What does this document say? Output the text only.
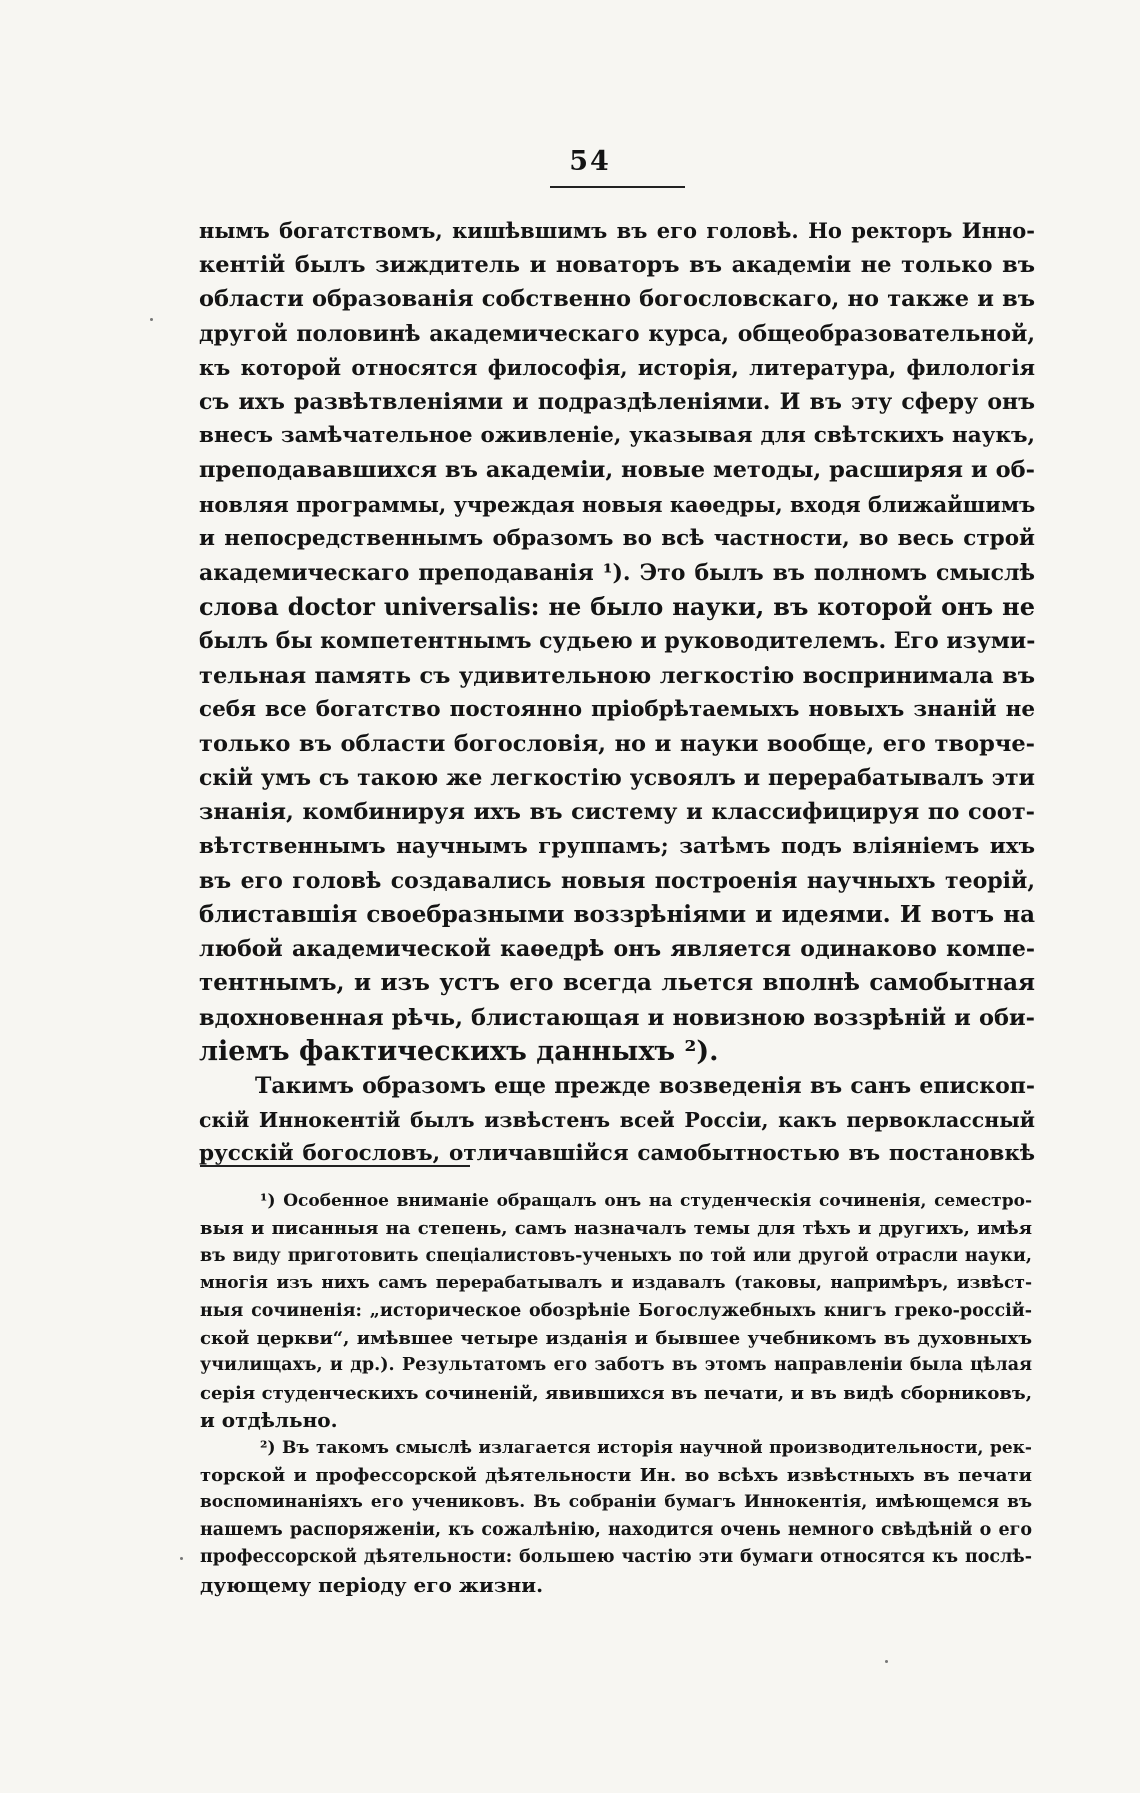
54
нымъ богатствомъ, кишѣвшимъ въ его головѣ. Но ректоръ Инно-
кентій былъ зиждитель и новаторъ въ академіи не только въ
области образованія собственно богословскаго, но также и въ
другой половинѣ академическаго курса, общеобразовательной,
къ которой относятся философія, исторія, литература, филологія
съ ихъ развѣтвленіями и подраздѣленіями. И въ эту сферу онъ
внесъ замѣчательное оживленіе, указывая для свѣтскихъ наукъ,
преподававшихся въ академіи, новые методы, расширяя и об-
новляя программы, учреждая новыя каѳедры, входя ближайшимъ
и непосредственнымъ образомъ во всѣ частности, во весь строй
академическаго преподаванія ¹). Это былъ въ полномъ смыслѣ
слова doctor universalis: не было науки, въ которой онъ не
былъ бы компетентнымъ судьею и руководителемъ. Его изуми-
тельная память съ удивительною легкостію воспринимала въ
себя все богатство постоянно пріобрѣтаемыхъ новыхъ знаній не
только въ области богословія, но и науки вообще, его творче-
скій умъ съ такою же легкостію усвоялъ и перерабатывалъ эти
знанія, комбинируя ихъ въ систему и классифицируя по соот-
вѣтственнымъ научнымъ группамъ; затѣмъ подъ вліяніемъ ихъ
въ его головѣ создавались новыя построенія научныхъ теорій,
блиставшія своебразными воззрѣніями и идеями. И вотъ на
любой академической каѳедрѣ онъ является одинаково компе-
тентнымъ, и изъ устъ его всегда льется вполнѣ самобытная
вдохновенная рѣчь, блистающая и новизною воззрѣній и оби-
ліемъ фактическихъ данныхъ ²).
Такимъ образомъ еще прежде возведенія въ санъ епископ-
скій Иннокентій былъ извѣстенъ всей Россіи, какъ первоклассный
русскій богословъ, отличавшійся самобытностью въ постановкѣ
¹) Особенное вниманіе обращалъ онъ на студенческія сочиненія, семестро-
выя и писанныя на степень, самъ назначалъ темы для тѣхъ и другихъ, имѣя
въ виду приготовить спеціалистовъ-ученыхъ по той или другой отрасли науки,
многія изъ нихъ самъ перерабатывалъ и издавалъ (таковы, напримѣръ, извѣст-
ныя сочиненія: „историческое обозрѣніе Богослужебныхъ книгъ греко-россій-
ской церкви“, имѣвшее четыре изданія и бывшее учебникомъ въ духовныхъ
училищахъ, и др.). Результатомъ его заботъ въ этомъ направленіи была цѣлая
серія студенческихъ сочиненій, явившихся въ печати, и въ видѣ сборниковъ,
и отдѣльно.
²) Въ такомъ смыслѣ излагается исторія научной производительности, рек-
торской и профессорской дѣятельности Ин. во всѣхъ извѣстныхъ въ печати
воспоминаніяхъ его учениковъ. Въ собраніи бумагъ Иннокентія, имѣющемся въ
нашемъ распоряженіи, къ сожалѣнію, находится очень немного свѣдѣній о его
профессорской дѣятельности: большею частію эти бумаги относятся къ послѣ-
дующему періоду его жизни.
